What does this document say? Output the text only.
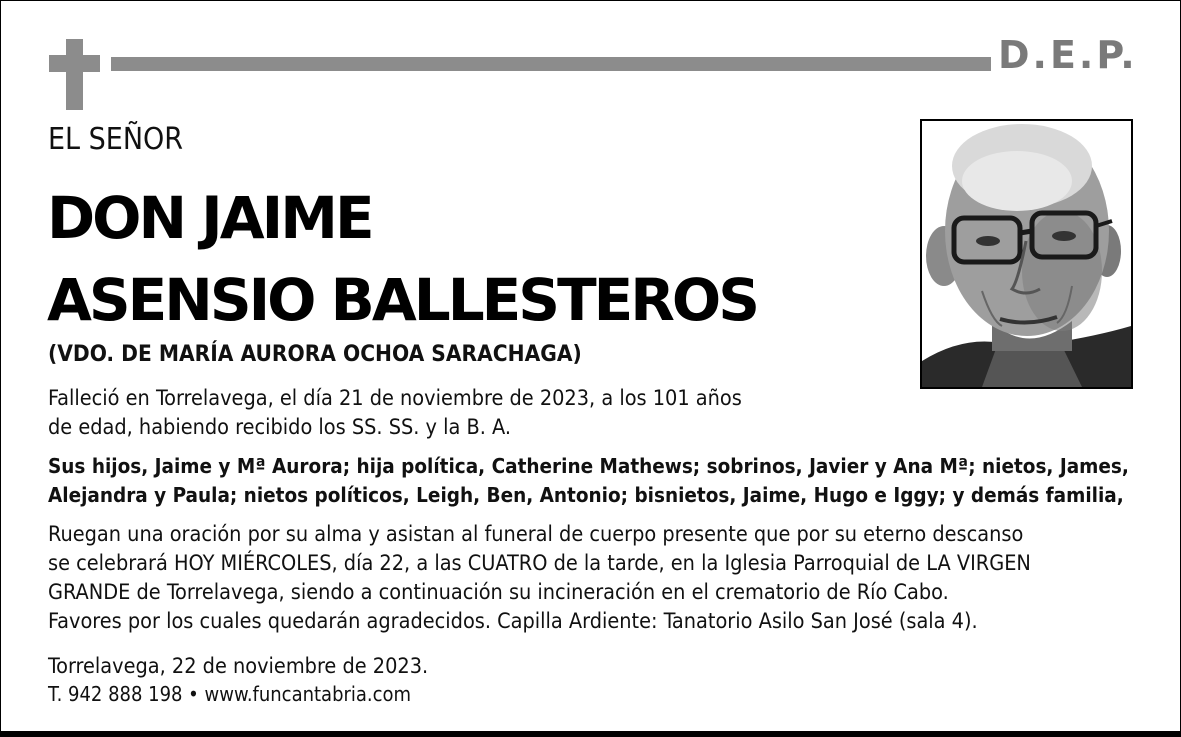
D.E.P.
EL SEÑOR
DON JAIME
ASENSIO BALLESTEROS
(VDO. DE MARÍA AURORA OCHOA SARACHAGA)
Falleció en Torrelavega, el día 21 de noviembre de 2023, a los 101 años
de edad, habiendo recibido los SS. SS. y la B. A.
Sus hijos, Jaime y Mª Aurora; hija política, Catherine Mathews; sobrinos, Javier y Ana Mª; nietos, James,
Alejandra y Paula; nietos políticos, Leigh, Ben, Antonio; bisnietos, Jaime, Hugo e Iggy; y demás familia,
Ruegan una oración por su alma y asistan al funeral de cuerpo presente que por su eterno descanso
se celebrará HOY MIÉRCOLES, día 22, a las CUATRO de la tarde, en la Iglesia Parroquial de LA VIRGEN
GRANDE de Torrelavega, siendo a continuación su incineración en el crematorio de Río Cabo.
Favores por los cuales quedarán agradecidos. Capilla Ardiente: Tanatorio Asilo San José (sala 4).
Torrelavega, 22 de noviembre de 2023.
T. 942 888 198 • www.funcantabria.com
